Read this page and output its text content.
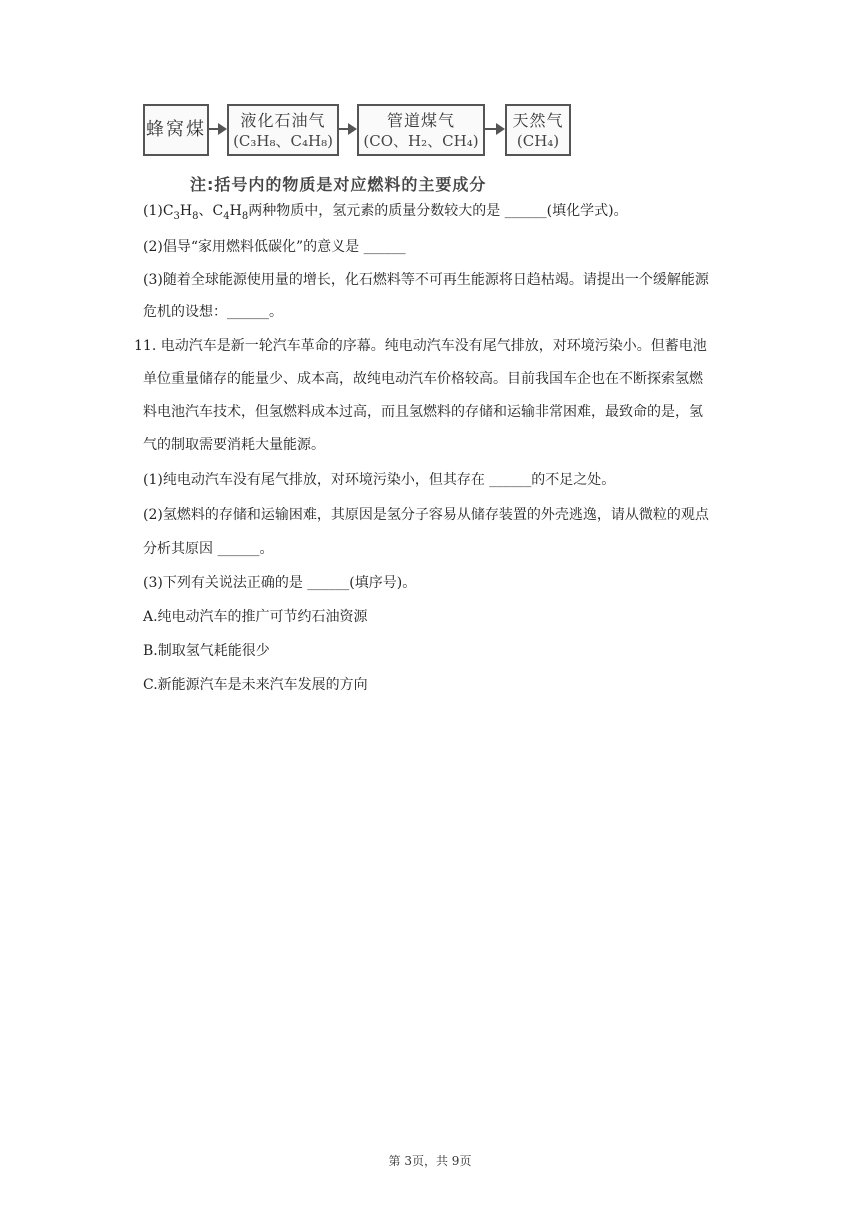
蜂窝煤	液化石油气
(C₃H₈、C₄H₈)
管道煤气
(CO、H₂、CH₄)
天然气
(CH₄)
注:括号内的物质是对应燃料的主要成分
$(1)C_3H_8$、$C_4H_8$两种物质中，氢元素的质量分数较大的是 ______(填化学式)。
(2)倡导“家用燃料低碳化”的意义是 ______
(3)随着全球能源使用量的增长，化石燃料等不可再生能源将日趋枯竭。请提出一个缓解能源
危机的设想：______。
11. 电动汽车是新一轮汽车革命的序幕。纯电动汽车没有尾气排放，对环境污染小。但蓄电池
单位重量储存的能量少、成本高，故纯电动汽车价格较高。目前我国车企也在不断探索氢燃
料电池汽车技术，但氢燃料成本过高，而且氢燃料的存储和运输非常困难，最致命的是，氢
气的制取需要消耗大量能源。
(1)纯电动汽车没有尾气排放，对环境污染小，但其存在 ______的不足之处。
(2)氢燃料的存储和运输困难，其原因是氢分子容易从储存装置的外壳逃逸，请从微粒的观点
分析其原因 ______。
(3)下列有关说法正确的是 ______(填序号)。
A.纯电动汽车的推广可节约石油资源
B.制取氢气耗能很少
C.新能源汽车是未来汽车发展的方向
第 3页，共 9页
